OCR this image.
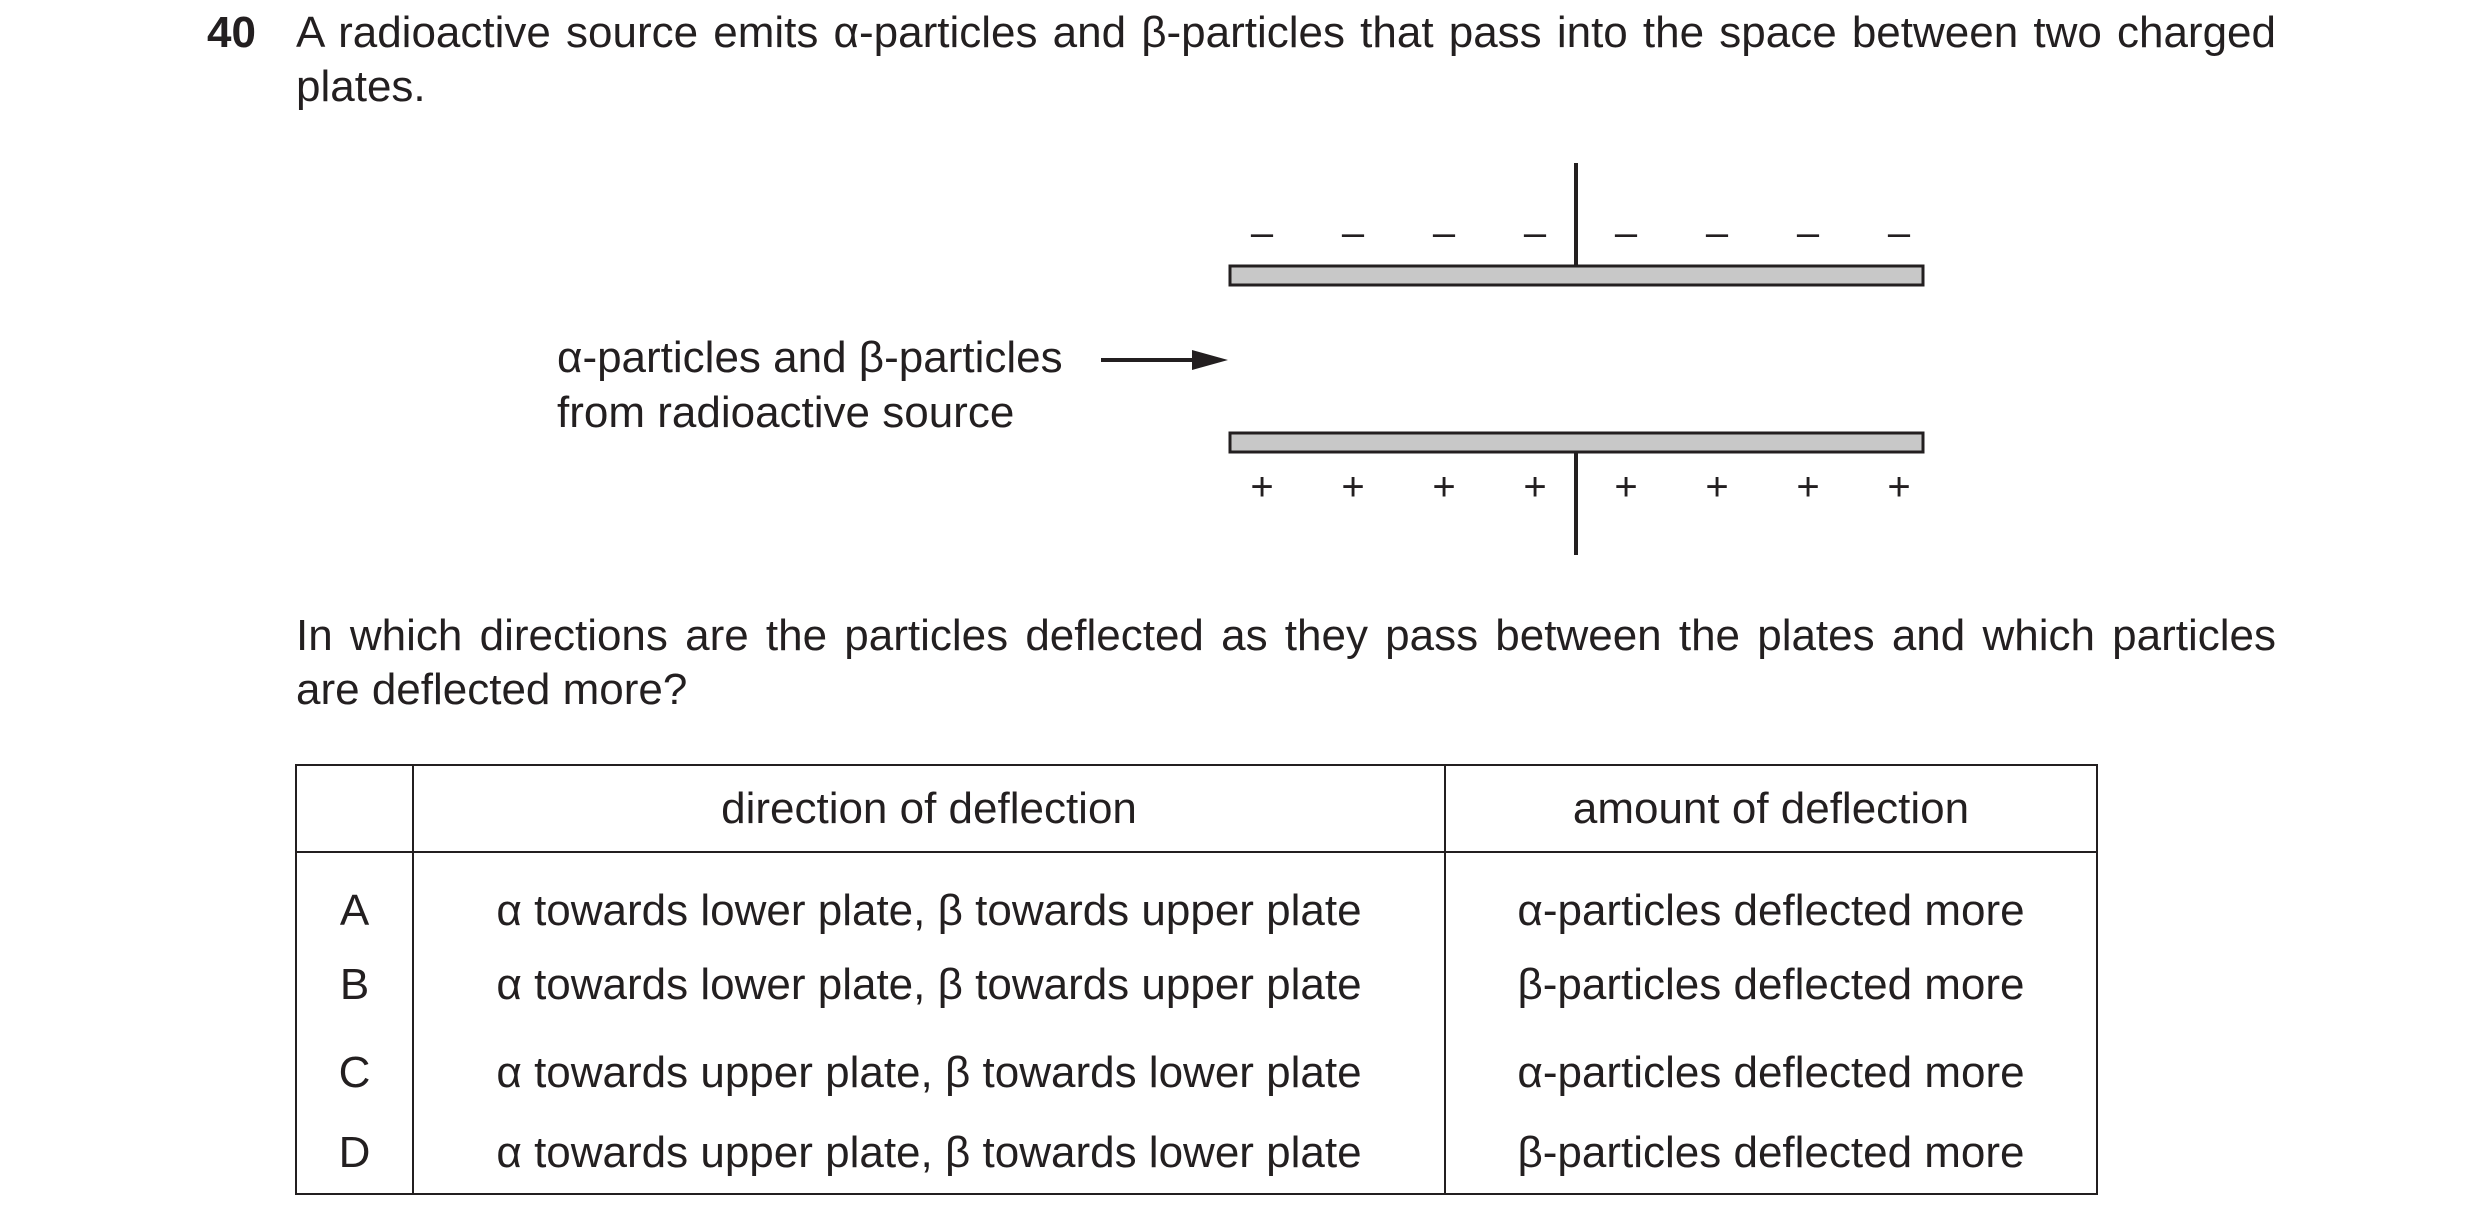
40 A radioactive source emits α-particles and β-particles that pass into the space between two charged plates.
– – – – – – – –
+ + + + + + + +
α-particles and β-particles
from radioactive source
In which directions are the particles deflected as they pass between the plates and which particles are deflected more?
	direction of deflection	amount of deflection
A	α towards lower plate, β towards upper plate	α-particles deflected more
B	α towards lower plate, β towards upper plate	β-particles deflected more
C	α towards upper plate, β towards lower plate	α-particles deflected more
D	α towards upper plate, β towards lower plate	β-particles deflected more
